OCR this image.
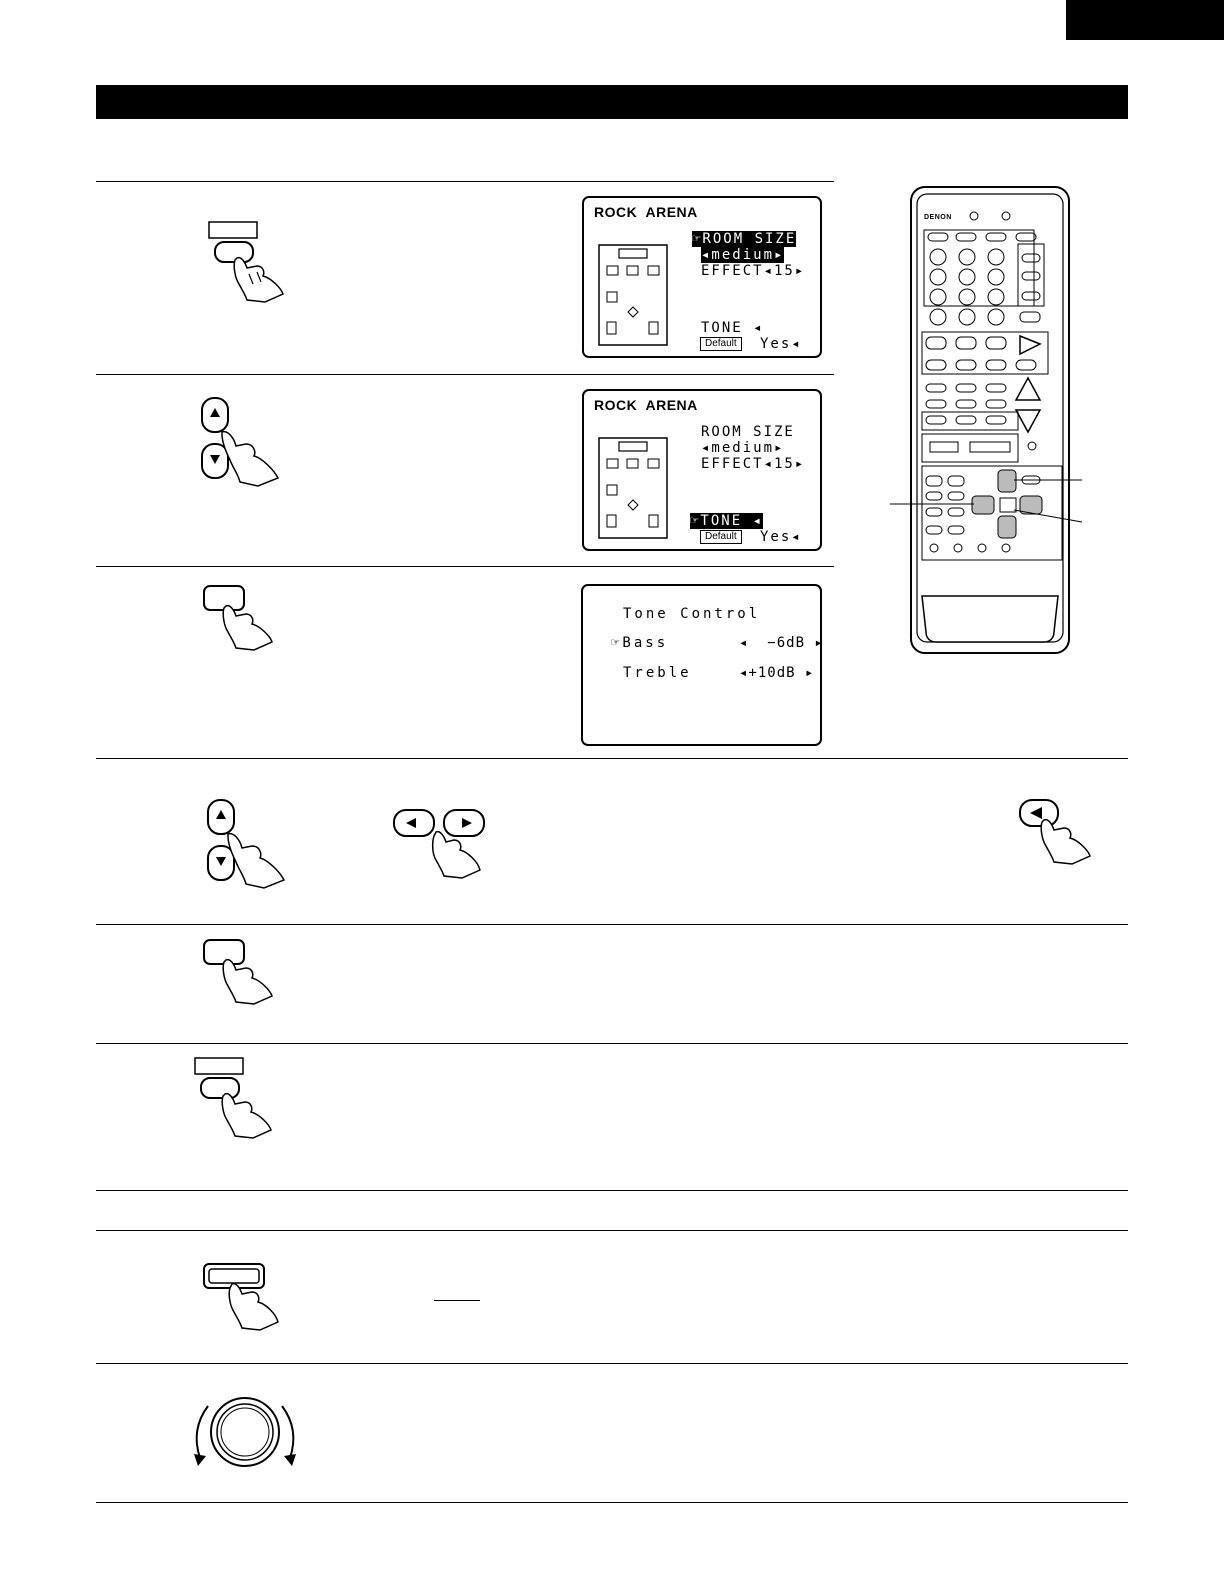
ROCK  ARENA
☞ROOM SIZE
◂medium▸
EFFECT◂15▸
TONE ◂
Default	Yes◂
ROCK  ARENA
ROOM SIZE
◂medium▸
EFFECT◂15▸
☞TONE ◂
Default	Yes◂
Tone Control
☞Bass	◂  −6dB ▸
Treble	◂+10dB ▸
DENON
